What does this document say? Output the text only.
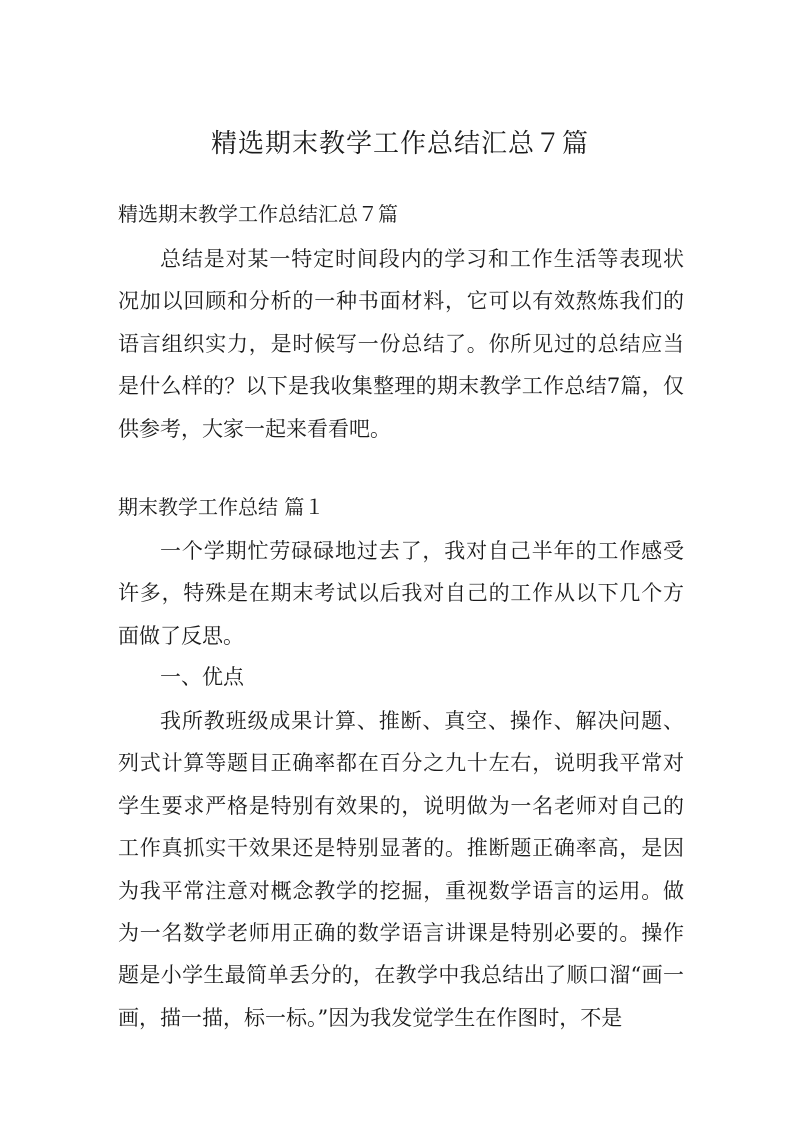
精选期末教学工作总结汇总７篇

精选期末教学工作总结汇总７篇

总结是对某一特定时间段内的学习和工作生活等表现状况加以回顾和分析的一种书面材料，它可以有效熬炼我们的语言组织实力，是时候写一份总结了。你所见过的总结应当是什么样的？以下是我收集整理的期末教学工作总结7篇，仅供参考，大家一起来看看吧。

期末教学工作总结 篇１

一个学期忙劳碌碌地过去了，我对自己半年的工作感受许多，特殊是在期末考试以后我对自己的工作从以下几个方面做了反思。

一、优点

我所教班级成果计算、推断、真空、操作、解决问题、列式计算等题目正确率都在百分之九十左右，说明我平常对学生要求严格是特别有效果的，说明做为一名老师对自己的工作真抓实干效果还是特别显著的。推断题正确率高，是因为我平常注意对概念教学的挖掘，重视数学语言的运用。做为一名数学老师用正确的数学语言讲课是特别必要的。操作题是小学生最简单丢分的，在教学中我总结出了顺口溜“画一画，描一描，标一标。”因为我发觉学生在作图时，不是
